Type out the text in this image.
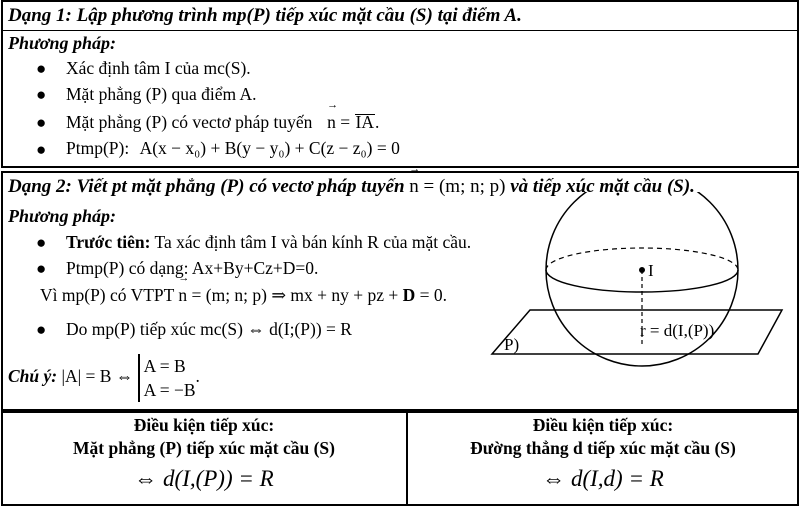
Dạng 1: Lập phương trình mp(P) tiếp xúc mặt cầu (S) tại điểm A.
Phương pháp:
● Xác định tâm I của mc(S).
● Mặt phẳng (P) qua điểm A.
● Mặt phẳng (P) có vectơ pháp tuyến → n = IA.
● Ptmp(P): A(x − x₀) + B(y − y₀) + C(z − z₀) = 0
Dạng 2: Viết pt mặt phẳng (P) có vectơ pháp tuyến → n = (m; n; p) và tiếp xúc mặt cầu (S).
Phương pháp:
● Trước tiên: Ta xác định tâm I và bán kính R của mặt cầu.
● Ptmp(P) có dạng: Ax+By+Cz+D=0.
Vì mp(P) có VTPT → n = (m; n; p) ⇒ mx + ny + pz + D = 0.
● Do mp(P) tiếp xúc mc(S) ⇔ d(I;(P)) = R
Chú ý: |A| = B ⇔ A = B
A = −B.
I
r = d(I,(P))
P)
Điều kiện tiếp xúc:
Mặt phẳng (P) tiếp xúc mặt cầu (S)
⇔ d(I,(P)) = R
Điều kiện tiếp xúc:
Đường thẳng d tiếp xúc mặt cầu (S)
⇔ d(I,d) = R
